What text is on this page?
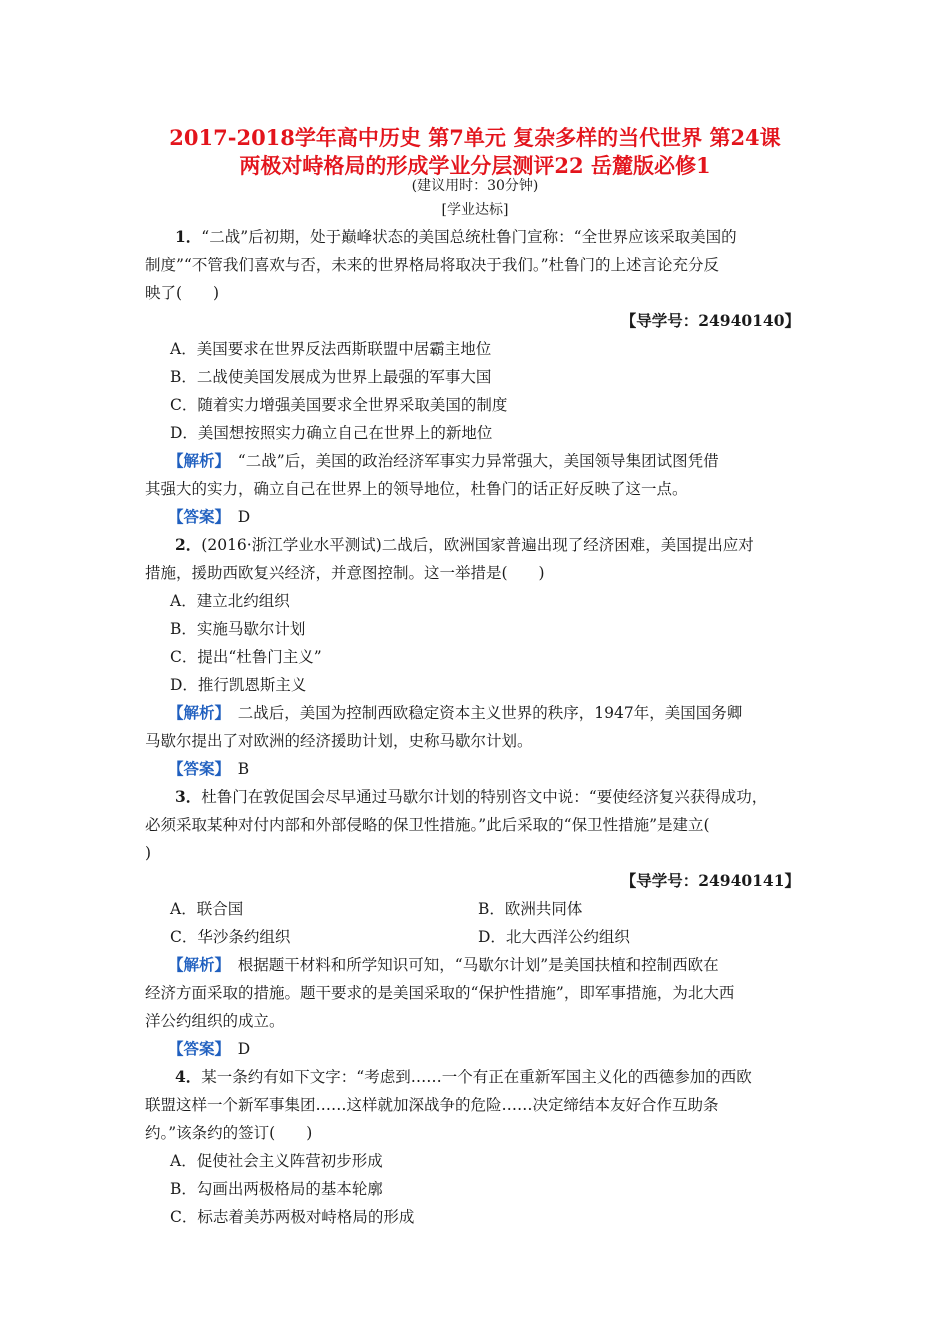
2017-2018学年高中历史 第7单元 复杂多样的当代世界 第24课
两极对峙格局的形成学业分层测评22 岳麓版必修1
(建议用时：30分钟)
[学业达标]
1．“二战”后初期，处于巅峰状态的美国总统杜鲁门宣称：“全世界应该采取美国的
制度”“不管我们喜欢与否，未来的世界格局将取决于我们。”杜鲁门的上述言论充分反
映了(　　)
【导学号：24940140】
A．美国要求在世界反法西斯联盟中居霸主地位
B．二战使美国发展成为世界上最强的军事大国
C．随着实力增强美国要求全世界采取美国的制度
D．美国想按照实力确立自己在世界上的新地位
【解析】　“二战”后，美国的政治经济军事实力异常强大，美国领导集团试图凭借
其强大的实力，确立自己在世界上的领导地位，杜鲁门的话正好反映了这一点。
【答案】　D
2．(2016·浙江学业水平测试)二战后，欧洲国家普遍出现了经济困难，美国提出应对
措施，援助西欧复兴经济，并意图控制。这一举措是(　　)
A．建立北约组织
B．实施马歇尔计划
C．提出“杜鲁门主义”
D．推行凯恩斯主义
【解析】　二战后，美国为控制西欧稳定资本主义世界的秩序，1947年，美国国务卿
马歇尔提出了对欧洲的经济援助计划，史称马歇尔计划。
【答案】　B
3．杜鲁门在敦促国会尽早通过马歇尔计划的特别咨文中说：“要使经济复兴获得成功，
必须采取某种对付内部和外部侵略的保卫性措施。”此后采取的“保卫性措施”是建立(
)
【导学号：24940141】
A．联合国	B．欧洲共同体
C．华沙条约组织	D．北大西洋公约组织
【解析】　根据题干材料和所学知识可知，“马歇尔计划”是美国扶植和控制西欧在
经济方面采取的措施。题干要求的是美国采取的“保护性措施”，即军事措施，为北大西
洋公约组织的成立。
【答案】　D
4．某一条约有如下文字：“考虑到……一个有正在重新军国主义化的西德参加的西欧
联盟这样一个新军事集团……这样就加深战争的危险……决定缔结本友好合作互助条
约。”该条约的签订(　　)
A．促使社会主义阵营初步形成
B．勾画出两极格局的基本轮廓
C．标志着美苏两极对峙格局的形成
